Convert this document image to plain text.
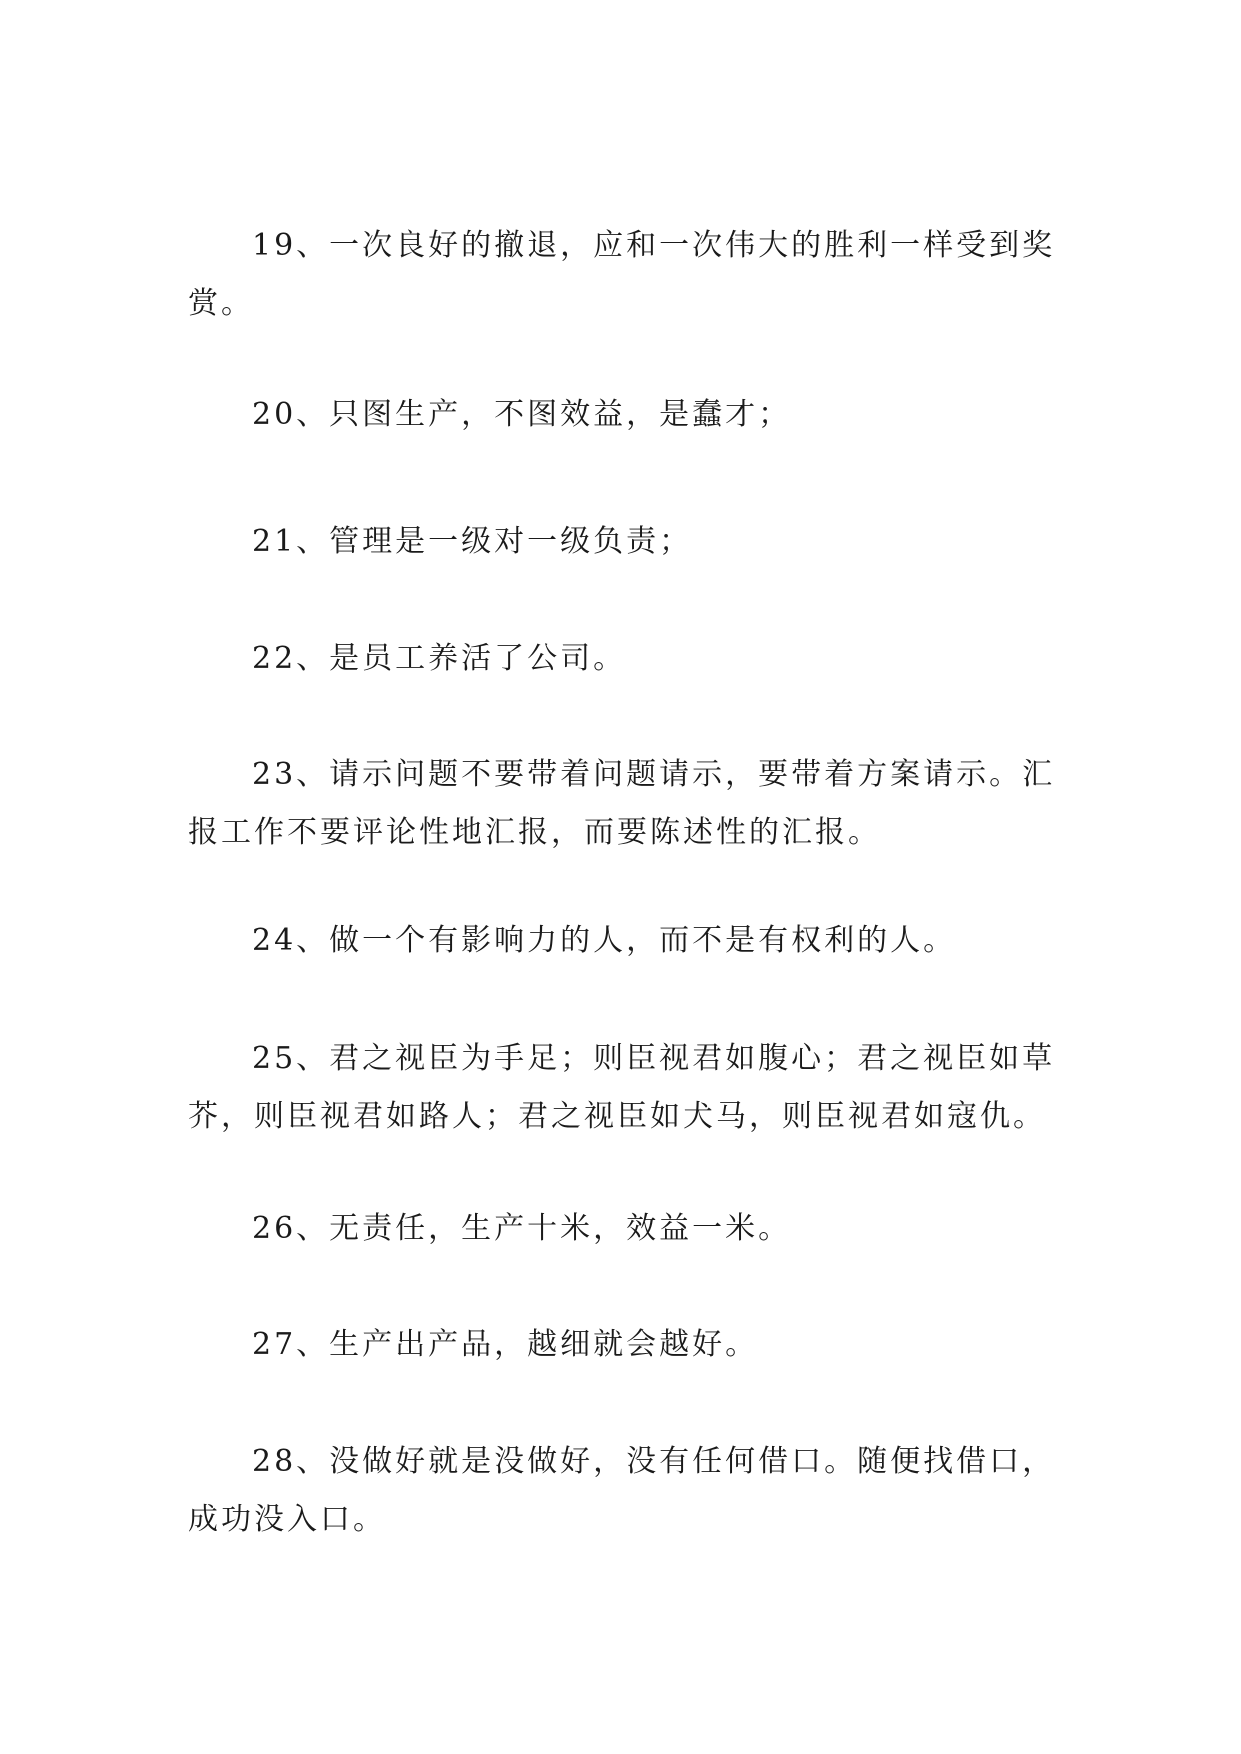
19、一次良好的撤退，应和一次伟大的胜利一样受到奖赏。

20、只图生产，不图效益，是蠢才；

21、管理是一级对一级负责；

22、是员工养活了公司。

23、请示问题不要带着问题请示，要带着方案请示。汇报工作不要评论性地汇报，而要陈述性的汇报。

24、做一个有影响力的人，而不是有权利的人。

25、君之视臣为手足；则臣视君如腹心；君之视臣如草芥，则臣视君如路人；君之视臣如犬马，则臣视君如寇仇。

26、无责任，生产十米，效益一米。

27、生产出产品，越细就会越好。

28、没做好就是没做好，没有任何借口。随便找借口，成功没入口。
